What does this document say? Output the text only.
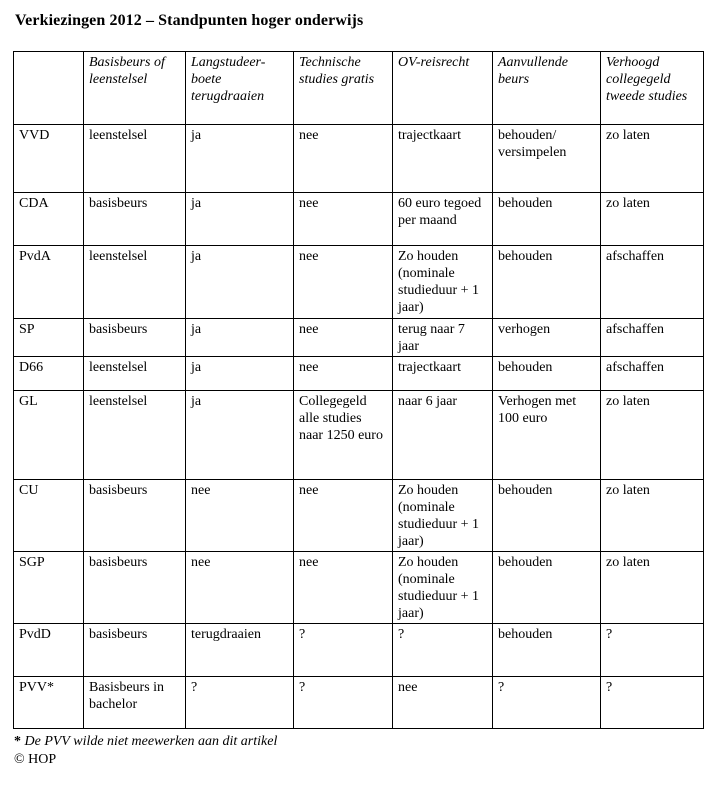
Verkiezingen 2012 – Standpunten hoger onderwijs
	Basisbeurs of leenstelsel	Langstudeer-boete terugdraaien	Technische studies gratis	OV-reisrecht	Aanvullende beurs	Verhoogd collegegeld tweede studies
VVD	leenstelsel	ja	nee	trajectkaart	behouden/ versimpelen	zo laten
CDA	basisbeurs	ja	nee	60 euro tegoed per maand	behouden	zo laten
PvdA	leenstelsel	ja	nee	Zo houden (nominale studieduur + 1 jaar)	behouden	afschaffen
SP	basisbeurs	ja	nee	terug naar 7 jaar	verhogen	afschaffen
D66	leenstelsel	ja	nee	trajectkaart	behouden	afschaffen
GL	leenstelsel	ja	Collegegeld alle studies naar 1250 euro	naar 6 jaar	Verhogen met 100 euro	zo laten
CU	basisbeurs	nee	nee	Zo houden (nominale studieduur + 1 jaar)	behouden	zo laten
SGP	basisbeurs	nee	nee	Zo houden (nominale studieduur + 1 jaar)	behouden	zo laten
PvdD	basisbeurs	terugdraaien	?	?	behouden	?
PVV*	Basisbeurs in bachelor	?	?	nee	?	?

* De PVV wilde niet meewerken aan dit artikel

© HOP
